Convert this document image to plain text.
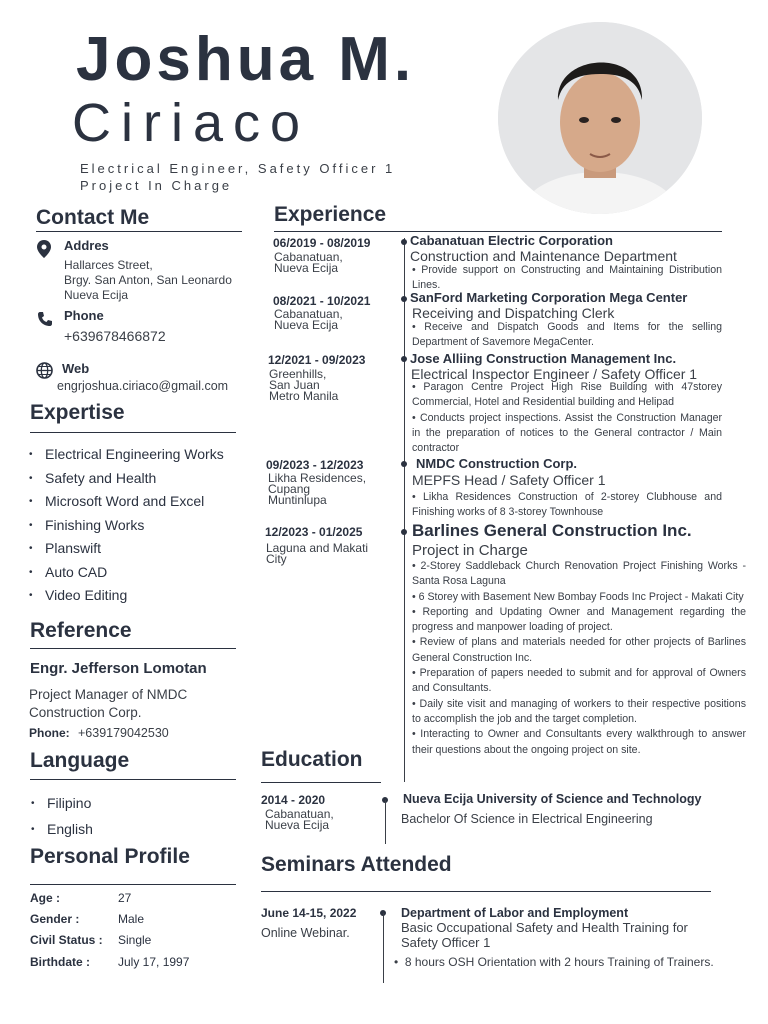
Joshua M.
Ciriaco
Electrical Engineer, Safety Officer 1
Project In Charge
Contact Me
Addres
Hallarces Street,
Brgy. San Anton, San Leonardo
Nueva Ecija
Phone
+639678466872
Web
engrjoshua.ciriaco@gmail.com
Expertise
• Electrical Engineering Works
• Safety and Health
• Microsoft Word and Excel
• Finishing Works
• Planswift
• Auto CAD
• Video Editing
Reference
Engr. Jefferson Lomotan
Project Manager of NMDC
Construction Corp.
Phone: +639179042530
Language
• Filipino
• English
Personal Profile
Age :	27
Gender :	Male
Civil Status : Single
Birthdate : July 17, 1997
Experience
06/2019 - 08/2019
Cabanatuan,
Nueva Ecija
Cabanatuan Electric Corporation
Construction and Maintenance Department
• Provide support on Constructing and Maintaining Distribution Lines.
08/2021 - 10/2021
Cabanatuan,
Nueva Ecija
SanFord Marketing Corporation Mega Center
Receiving and Dispatching Clerk
• Receive and Dispatch Goods and Items for the selling Department of Savemore MegaCenter.
12/2021 - 09/2023
Greenhills,
San Juan
Metro Manila
Jose Alliing Construction Management Inc.
Electrical Inspector Engineer / Safety Officer 1
• Paragon Centre Project High Rise Building with 47storey Commercial, Hotel and Residential building and Helipad
• Conducts project inspections. Assist the Construction Manager in the preparation of notices to the General contractor / Main contractor
09/2023 - 12/2023
Likha Residences,
Cupang
Muntinlupa
NMDC Construction Corp.
MEPFS Head / Safety Officer 1
• Likha Residences Construction of 2-storey Clubhouse and Finishing works of 8 3-storey Townhouse
12/2023 - 01/2025
Laguna and Makati
City
Barlines General Construction Inc.
Project in Charge
• 2-Storey Saddleback Church Renovation Project Finishing Works - Santa Rosa Laguna
• 6 Storey with Basement New Bombay Foods Inc Project - Makati City
• Reporting and Updating Owner and Management regarding the progress and manpower loading of project.
• Review of plans and materials needed for other projects of Barlines General Construction Inc.
• Preparation of papers needed to submit and for approval of Owners and Consultants.
• Daily site visit and managing of workers to their respective positions to accomplish the job and the target completion.
• Interacting to Owner and Consultants every walkthrough to answer their questions about the ongoing project on site.
Education
2014 - 2020
Cabanatuan,
Nueva Ecija
Nueva Ecija University of Science and Technology
Bachelor Of Science in Electrical Engineering
Seminars Attended
June 14-15, 2022
Online Webinar.
Department of Labor and Employment
Basic Occupational Safety and Health Training for
Safety Officer 1
•  8 hours OSH Orientation with 2 hours Training of Trainers.
